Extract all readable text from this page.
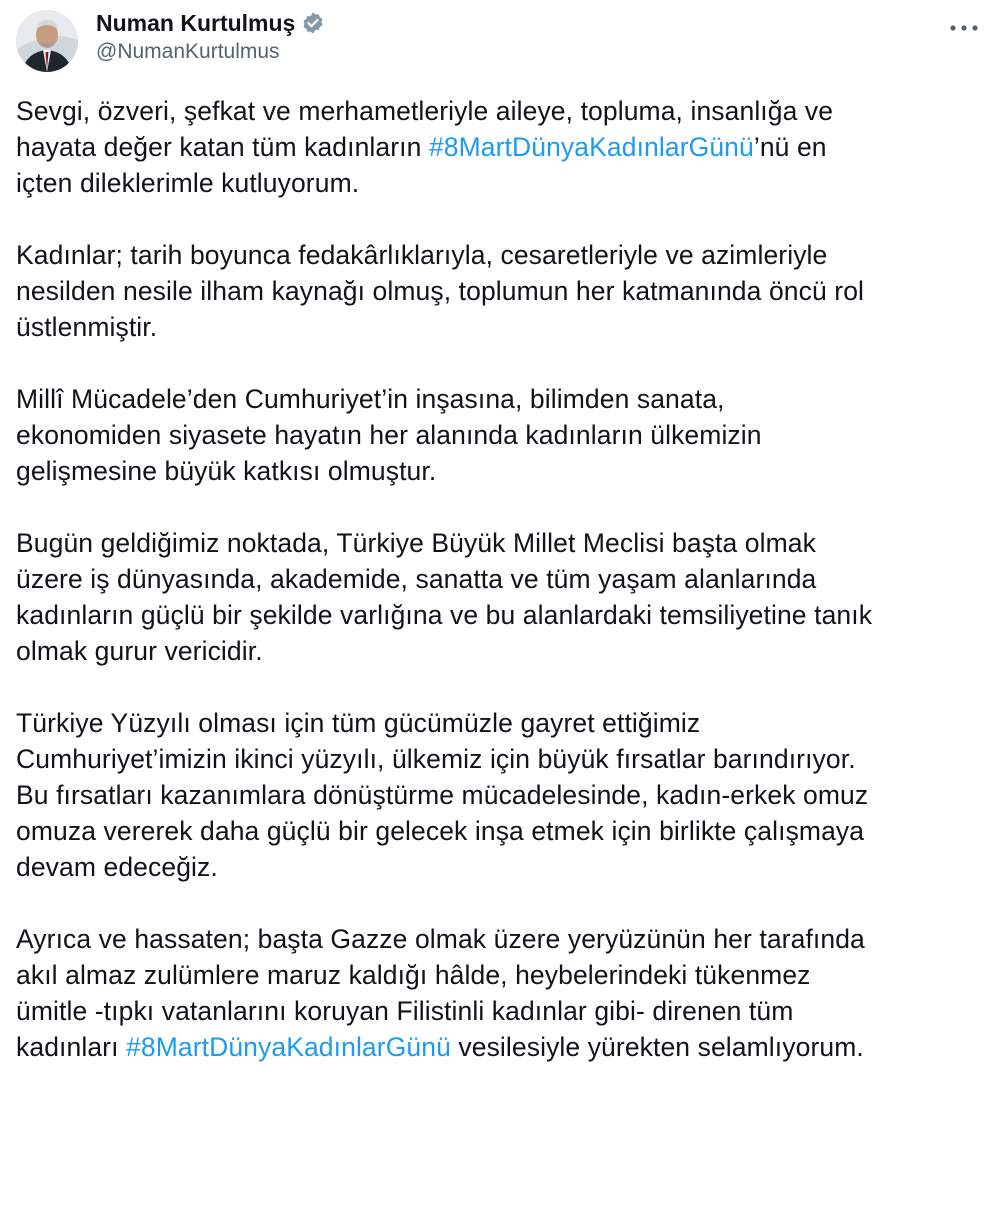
Numan Kurtulmuş
@NumanKurtulmus

Sevgi, özveri, şefkat ve merhametleriyle aileye, topluma, insanlığa ve
hayata değer katan tüm kadınların #8MartDünyaKadınlarGünü’nü en
içten dileklerimle kutluyorum.

Kadınlar; tarih boyunca fedakârlıklarıyla, cesaretleriyle ve azimleriyle
nesilden nesile ilham kaynağı olmuş, toplumun her katmanında öncü rol
üstlenmiştir.

Millî Mücadele’den Cumhuriyet’in inşasına, bilimden sanata,
ekonomiden siyasete hayatın her alanında kadınların ülkemizin
gelişmesine büyük katkısı olmuştur.

Bugün geldiğimiz noktada, Türkiye Büyük Millet Meclisi başta olmak
üzere iş dünyasında, akademide, sanatta ve tüm yaşam alanlarında
kadınların güçlü bir şekilde varlığına ve bu alanlardaki temsiliyetine tanık
olmak gurur vericidir.

Türkiye Yüzyılı olması için tüm gücümüzle gayret ettiğimiz
Cumhuriyet’imizin ikinci yüzyılı, ülkemiz için büyük fırsatlar barındırıyor.
Bu fırsatları kazanımlara dönüştürme mücadelesinde, kadın-erkek omuz
omuza vererek daha güçlü bir gelecek inşa etmek için birlikte çalışmaya
devam edeceğiz.

Ayrıca ve hassaten; başta Gazze olmak üzere yeryüzünün her tarafında
akıl almaz zulümlere maruz kaldığı hâlde, heybelerindeki tükenmez
ümitle -tıpkı vatanlarını koruyan Filistinli kadınlar gibi- direnen tüm
kadınları #8MartDünyaKadınlarGünü vesilesiyle yürekten selamlıyorum.
